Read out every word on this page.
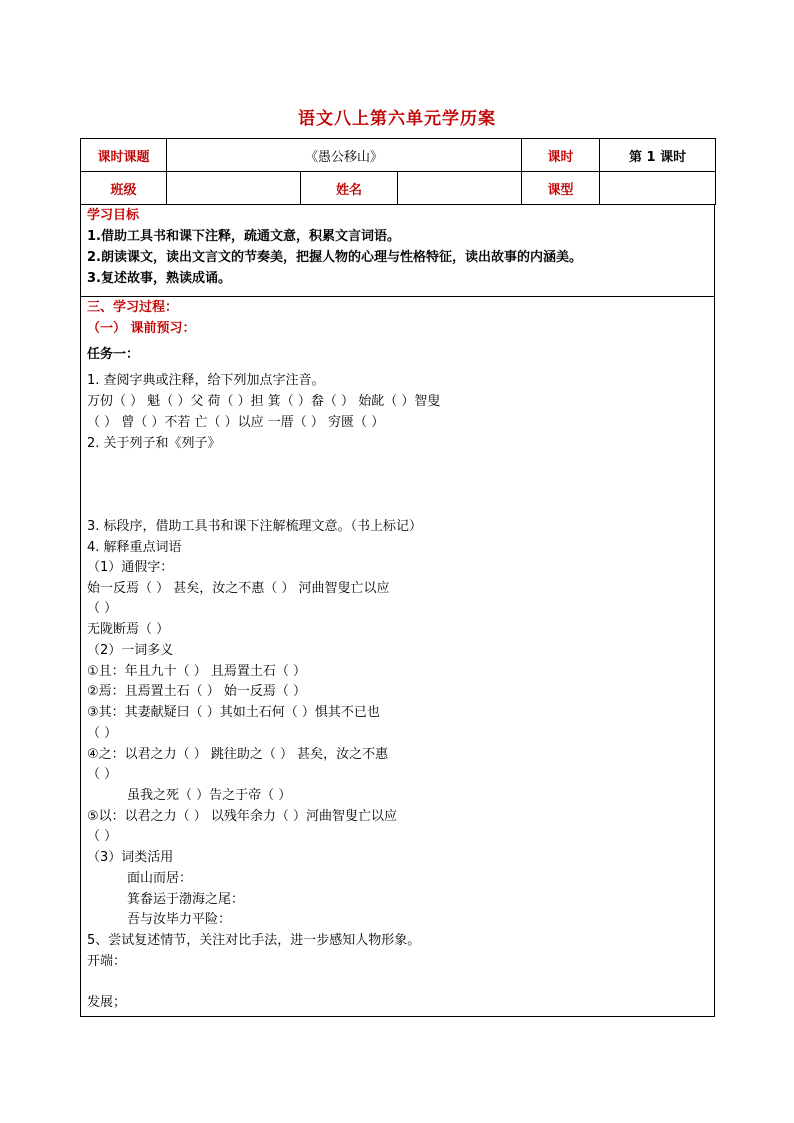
语文八上第六单元学历案
课时课题	《愚公移山》			课时	第 1 课时
班级		姓名		课型	
学习目标
1.借助工具书和课下注释，疏通文意，积累文言词语。
2.朗读课文，读出文言文的节奏美，把握人物的心理与性格特征，读出故事的内涵美。
3.复述故事，熟读成诵。
三、学习过程：
（一） 课前预习：
任务一：
1. 查阅字典或注释，给下列加点字注音。
万仞（ ） 魁（ ）父 荷（ ）担 箕（ ）畚（ ） 始龀（ ）智叟
（ ） 曾（ ）不若 亡（ ）以应 一厝（ ） 穷匮（ ）
2. 关于列子和《列子》
3. 标段序，借助工具书和课下注解梳理文意。（书上标记）
4. 解释重点词语
（1）通假字：
始一反焉（ ） 甚矣，汝之不惠（ ） 河曲智叟亡以应
（ ）
无陇断焉（ ）
（2）一词多义
①且：年且九十（ ） 且焉置土石（ ）
②焉：且焉置土石（ ） 始一反焉（ ）
③其：其妻献疑曰（ ）其如土石何（ ）惧其不已也
（ ）
④之：以君之力（ ） 跳往助之（ ） 甚矣，汝之不惠
（ ）
虽我之死（ ）告之于帝（ ）
⑤以：以君之力（ ） 以残年余力（ ）河曲智叟亡以应
（ ）
（3）词类活用
面山而居：
箕畚运于渤海之尾：
吾与汝毕力平险：
5、尝试复述情节，关注对比手法，进一步感知人物形象。
开端：
发展；
